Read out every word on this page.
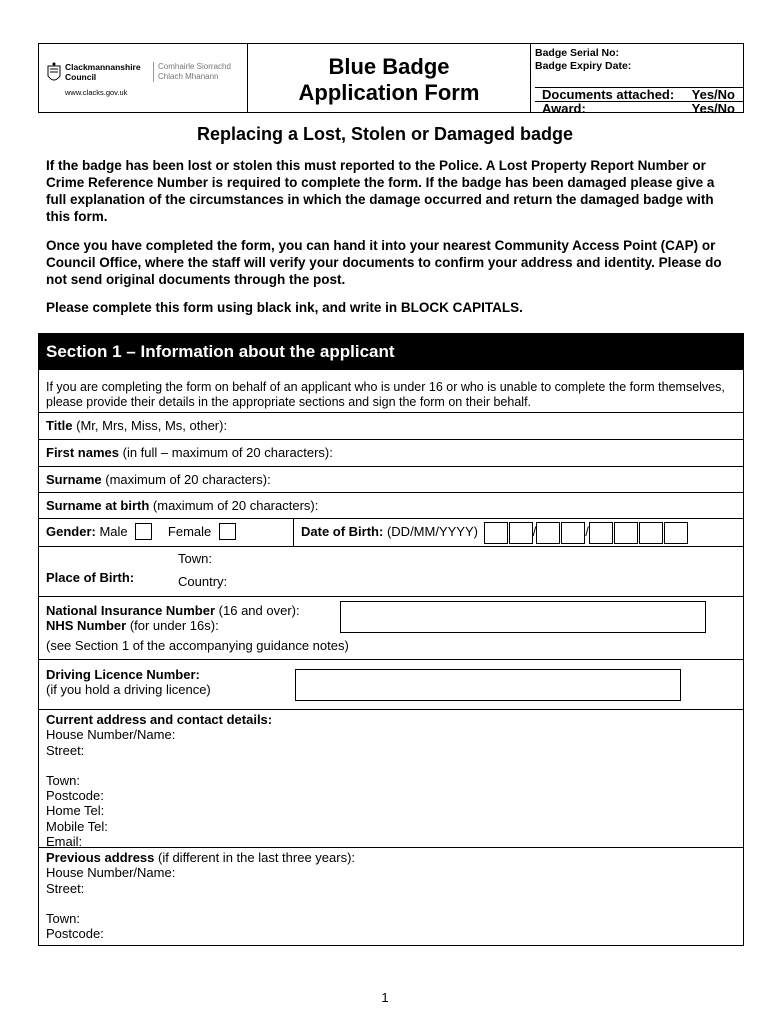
Clackmannanshire Council
Comhairle Siorrachd Chlach Mhanann
www.clacks.gov.uk
Blue Badge
Application Form
Badge Serial No:
Badge Expiry Date:
Documents attached: Yes/No
Award:	Yes/No
Replacing a Lost, Stolen or Damaged badge
If the badge has been lost or stolen this must reported to the Police. A Lost Property Report Number or Crime Reference Number is required to complete the form. If the badge has been damaged please give a full explanation of the circumstances in which the damage occurred and return the damaged badge with this form.
Once you have completed the form, you can hand it into your nearest Community Access Point (CAP) or Council Office, where the staff will verify your documents to confirm your address and identity. Please do not send original documents through the post.
Please complete this form using black ink, and write in BLOCK CAPITALS.
Section 1 – Information about the applicant
If you are completing the form on behalf of an applicant who is under 16 or who is unable to complete the form themselves, please provide their details in the appropriate sections and sign the form on their behalf.
Title (Mr, Mrs, Miss, Ms, other):
First names (in full – maximum of 20 characters):
Surname (maximum of 20 characters):
Surname at birth (maximum of 20 characters):
Gender: Male	Female	Date of Birth: (DD/MM/YYYY)	/	/
Place of Birth:
Town:
Country:
National Insurance Number (16 and over):
NHS Number (for under 16s):
(see Section 1 of the accompanying guidance notes)
Driving Licence Number:
(if you hold a driving licence)
Current address and contact details:
House Number/Name:
Street:
Town:
Postcode:
Home Tel:
Mobile Tel:
Email:
Previous address (if different in the last three years):
House Number/Name:
Street:
Town:
Postcode:
1
